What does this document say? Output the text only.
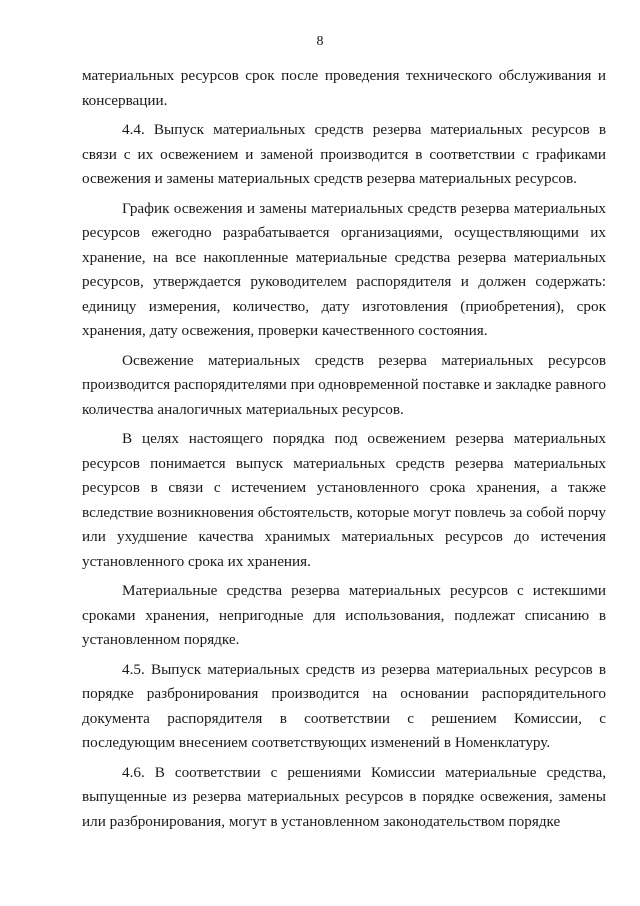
8

материальных ресурсов срок после проведения технического обслуживания и консервации.

4.4. Выпуск материальных средств резерва материальных ресурсов в связи с их освежением и заменой производится в соответствии с графиками освежения и замены материальных средств резерва материальных ресурсов.

График освежения и замены материальных средств резерва материальных ресурсов ежегодно разрабатывается организациями, осуществляющими их хранение, на все накопленные материальные средства резерва материальных ресурсов, утверждается руководителем распорядителя и должен содержать: единицу измерения, количество, дату изготовления (приобретения), срок хранения, дату освежения, проверки качественного состояния.

Освежение материальных средств резерва материальных ресурсов производится распорядителями при одновременной поставке и закладке равного количества аналогичных материальных ресурсов.

В целях настоящего порядка под освежением резерва материальных ресурсов понимается выпуск материальных средств резерва материальных ресурсов в связи с истечением установленного срока хранения, а также вследствие возникновения обстоятельств, которые могут повлечь за собой порчу или ухудшение качества хранимых материальных ресурсов до истечения установленного срока их хранения.

Материальные средства резерва материальных ресурсов с истекшими сроками хранения, непригодные для использования, подлежат списанию в установленном порядке.

4.5. Выпуск материальных средств из резерва материальных ресурсов в порядке разбронирования производится на основании распорядительного документа распорядителя в соответствии с решением Комиссии, с последующим внесением соответствующих изменений в Номенклатуру.

4.6. В соответствии с решениями Комиссии материальные средства, выпущенные из резерва материальных ресурсов в порядке освежения, замены или разбронирования, могут в установленном законодательством порядке
